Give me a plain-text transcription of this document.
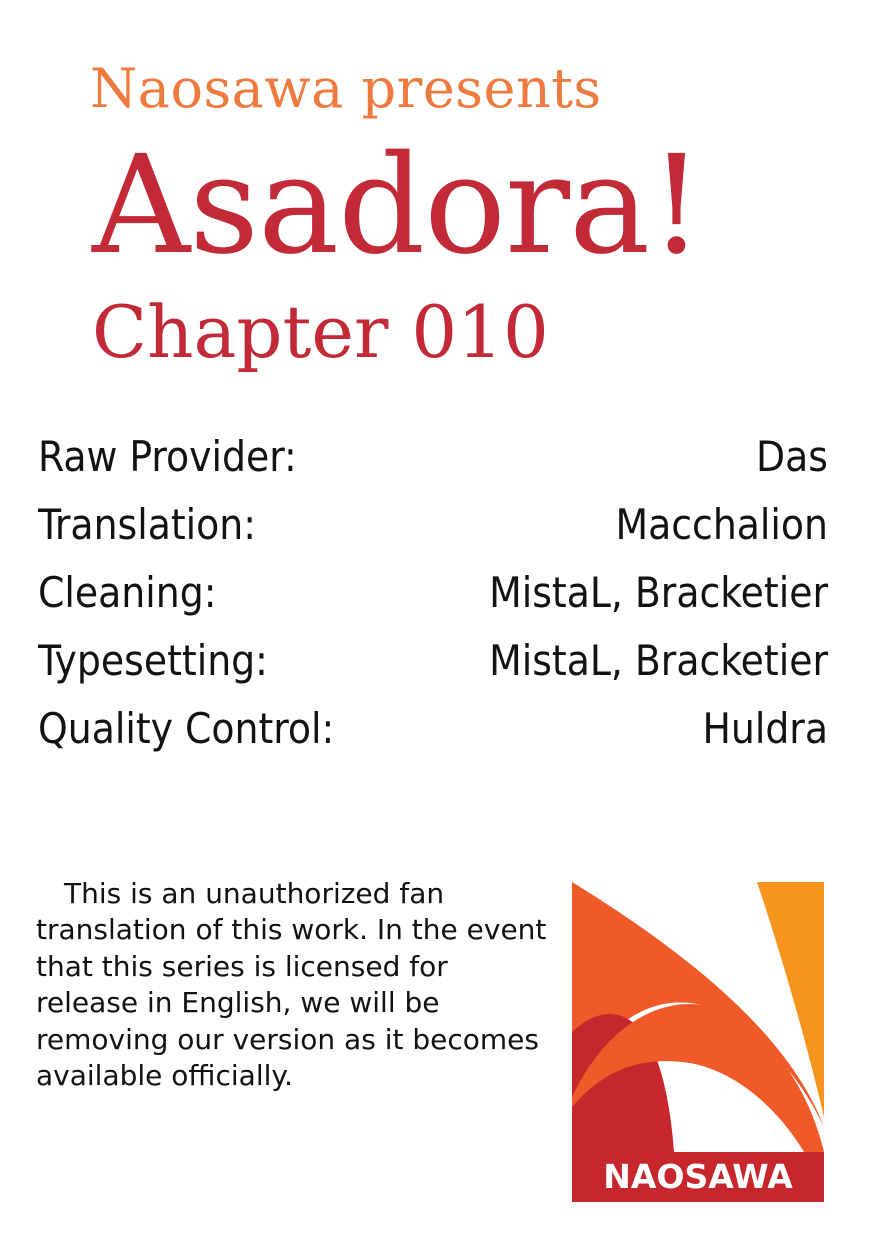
Naosawa presents
Asadora!
Chapter 010
Raw Provider:	Das
Translation:	Macchalion
Cleaning:	MistaL, Bracketier
Typesetting:	MistaL, Bracketier
Quality Control:	Huldra
This is an unauthorized fan translation of this work. In the event that this series is licensed for release in English, we will be removing our version as it becomes available officially.
NAOSAWA
